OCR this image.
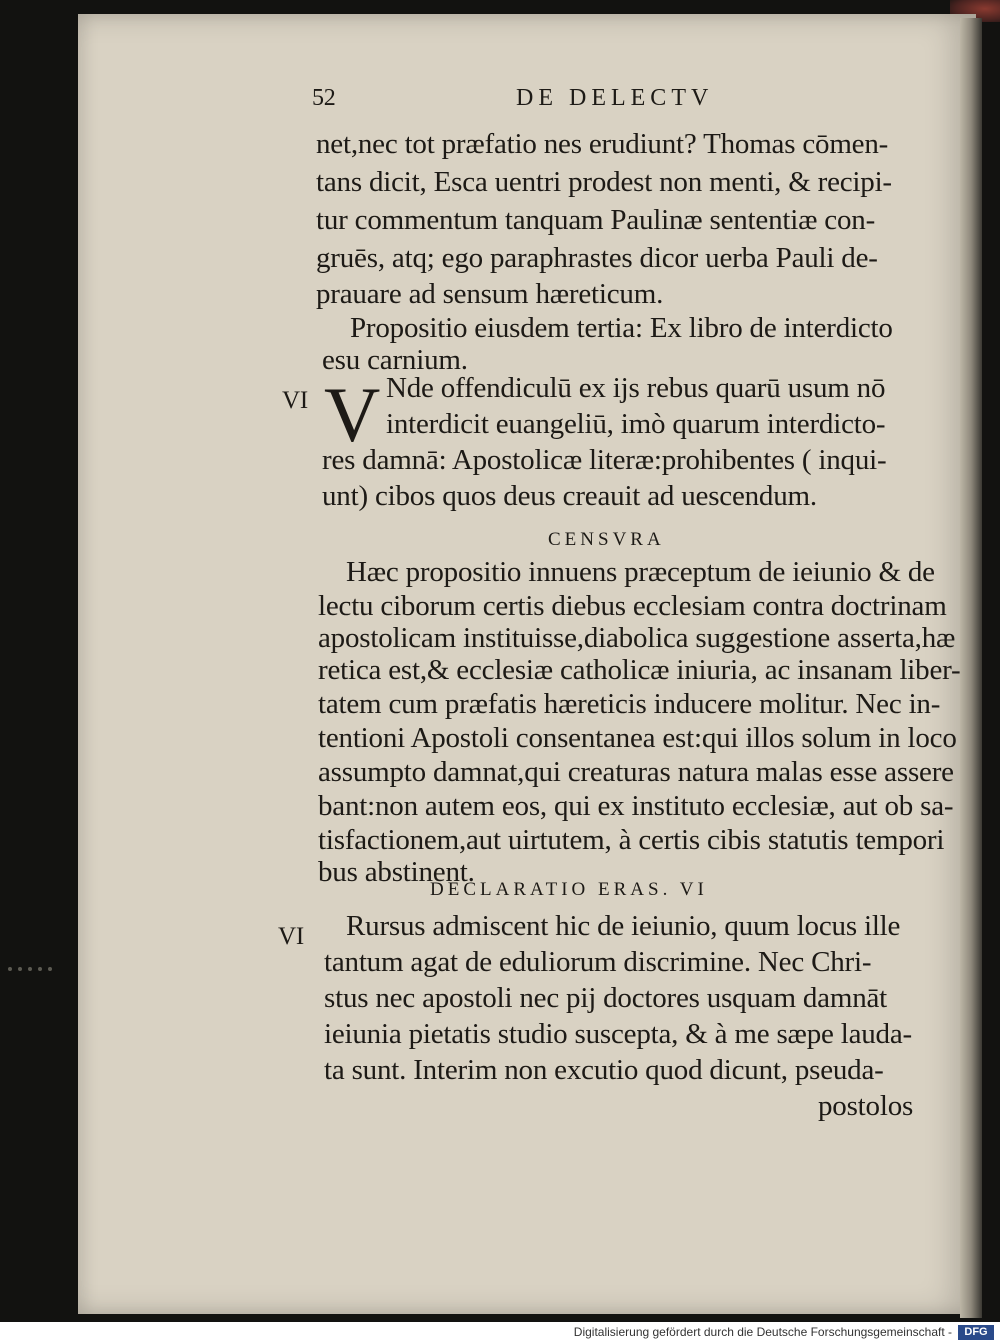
52	DE DELECTV
net,nec tot præfatio nes erudiunt? Thomas cōmen-
tans dicit, Esca uentri prodest non menti, & recipi-
tur commentum tanquam Paulinæ sententiæ con-
gruēs, atq; ego paraphrastes dicor uerba Pauli de-
prauare ad sensum hæreticum.
Propositio eiusdem tertia: Ex libro de interdicto
esu carnium.
VI V Nde offendiculū ex ijs rebus quarū usum nō
interdicit euangeliū, imò quarum interdicto-
res damnā: Apostolicæ literæ:prohibentes ( inqui-
unt) cibos quos deus creauit ad uescendum.
CENSVRA
Hæc propositio innuens præceptum de ieiunio & de
lectu ciborum certis diebus ecclesiam contra doctrinam
apostolicam instituisse,diabolica suggestione asserta,hæ
retica est,& ecclesiæ catholicæ iniuria, ac insanam liber-
tatem cum præfatis hæreticis inducere molitur. Nec in-
tentioni Apostoli consentanea est:qui illos solum in loco
assumpto damnat,qui creaturas natura malas esse assere
bant:non autem eos, qui ex instituto ecclesiæ, aut ob sa-
tisfactionem,aut uirtutem, à certis cibis statutis tempori
bus abstinent.
DECLARATIO ERAS. VI
VI Rursus admiscent hic de ieiunio, quum locus ille
tantum agat de eduliorum discrimine. Nec Chri-
stus nec apostoli nec pij doctores usquam damnāt
ieiunia pietatis studio suscepta, & à me sæpe lauda-
ta sunt. Interim non excutio quod dicunt, pseuda-
postolos
Digitalisierung gefördert durch die Deutsche Forschungsgemeinschaft -	DFG
